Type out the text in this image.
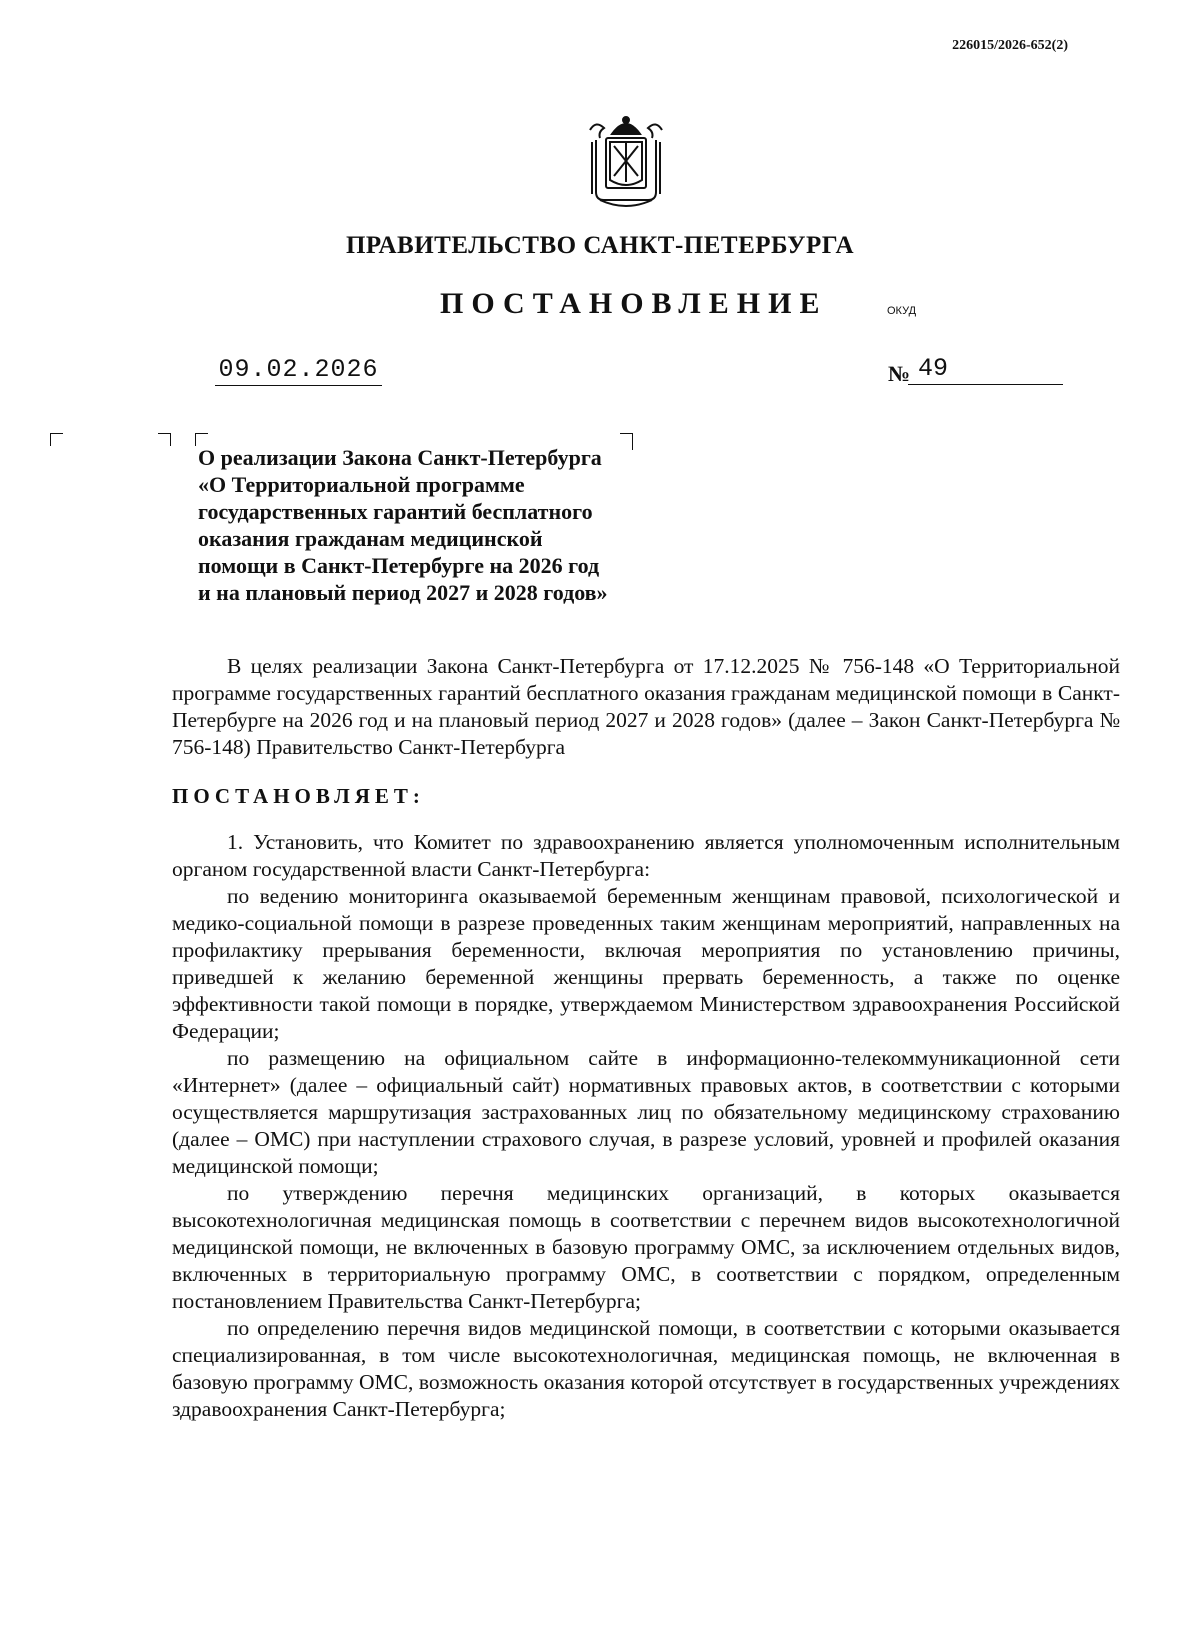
226015/2026-652(2)
ПРАВИТЕЛЬСТВО САНКТ-ПЕТЕРБУРГА
ПОСТАНОВЛЕНИЕ	ОКУД
09.02.2026	№ 49
О реализации Закона Санкт-Петербурга
«О Территориальной программе
государственных гарантий бесплатного
оказания гражданам медицинской
помощи в Санкт-Петербурге на 2026 год
и на плановый период 2027 и 2028 годов»

В целях реализации Закона Санкт-Петербурга от 17.12.2025 № 756-148 «О Территориальной программе государственных гарантий бесплатного оказания гражданам медицинской помощи в Санкт-Петербурге на 2026 год и на плановый период 2027 и 2028 годов» (далее – Закон Санкт-Петербурга № 756-148) Правительство Санкт-Петербурга

ПОСТАНОВЛЯЕТ:

1. Установить, что Комитет по здравоохранению является уполномоченным исполнительным органом государственной власти Санкт-Петербурга:

по ведению мониторинга оказываемой беременным женщинам правовой, психологической и медико-социальной помощи в разрезе проведенных таким женщинам мероприятий, направленных на профилактику прерывания беременности, включая мероприятия по установлению причины, приведшей к желанию беременной женщины прервать беременность, а также по оценке эффективности такой помощи в порядке, утверждаемом Министерством здравоохранения Российской Федерации;

по размещению на официальном сайте в информационно-телекоммуникационной сети «Интернет» (далее – официальный сайт) нормативных правовых актов, в соответствии с которыми осуществляется маршрутизация застрахованных лиц по обязательному медицинскому страхованию (далее – ОМС) при наступлении страхового случая, в разрезе условий, уровней и профилей оказания медицинской помощи;

по утверждению перечня медицинских организаций, в которых оказывается высокотехнологичная медицинская помощь в соответствии с перечнем видов высокотехнологичной медицинской помощи, не включенных в базовую программу ОМС, за исключением отдельных видов, включенных в территориальную программу ОМС, в соответствии с порядком, определенным постановлением Правительства Санкт-Петербурга;

по определению перечня видов медицинской помощи, в соответствии с которыми оказывается специализированная, в том числе высокотехнологичная, медицинская помощь, не включенная в базовую программу ОМС, возможность оказания которой отсутствует в государственных учреждениях здравоохранения Санкт-Петербурга;
